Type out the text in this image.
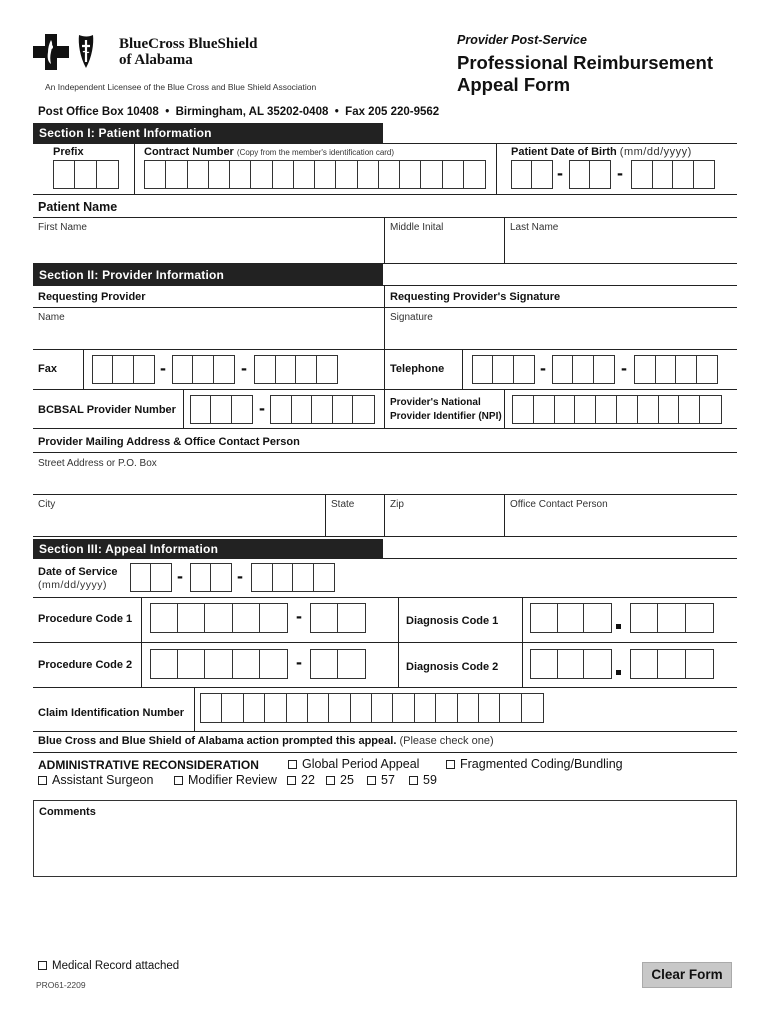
BlueCross BlueShield
of Alabama
An Independent Licensee of the Blue Cross and Blue Shield Association
Provider Post-Service
Professional Reimbursement
Appeal Form
Post Office Box 10408  •  Birmingham, AL 35202-0408  •  Fax 205 220-9562
Section I: Patient Information
Prefix	Contract Number (Copy from the member's identification card)	Patient Date of Birth (mm/dd/yyyy)
-	-
Patient Name
First Name	Middle Inital	Last Name
Section II: Provider Information
Requesting Provider	Requesting Provider's Signature
Name	Signature
Fax	-	-	Telephone	-	-
BCBSAL Provider Number	-	Provider's National
Provider Identifier (NPI)
Provider Mailing Address & Office Contact Person
Street Address or P.O. Box
City	State	Zip	Office Contact Person
Section III: Appeal Information
Date of Service
(mm/dd/yyyy)	-	-
Procedure Code 1	-	Diagnosis Code 1
Procedure Code 2	-	Diagnosis Code 2
Claim Identification Number
Blue Cross and Blue Shield of Alabama action prompted this appeal. (Please check one)
ADMINISTRATIVE RECONSIDERATION	Global Period Appeal	Fragmented Coding/Bundling
Assistant Surgeon	Modifier Review	22	25	57	59
Comments
Medical Record attached
PRO61-2209
Clear Form
